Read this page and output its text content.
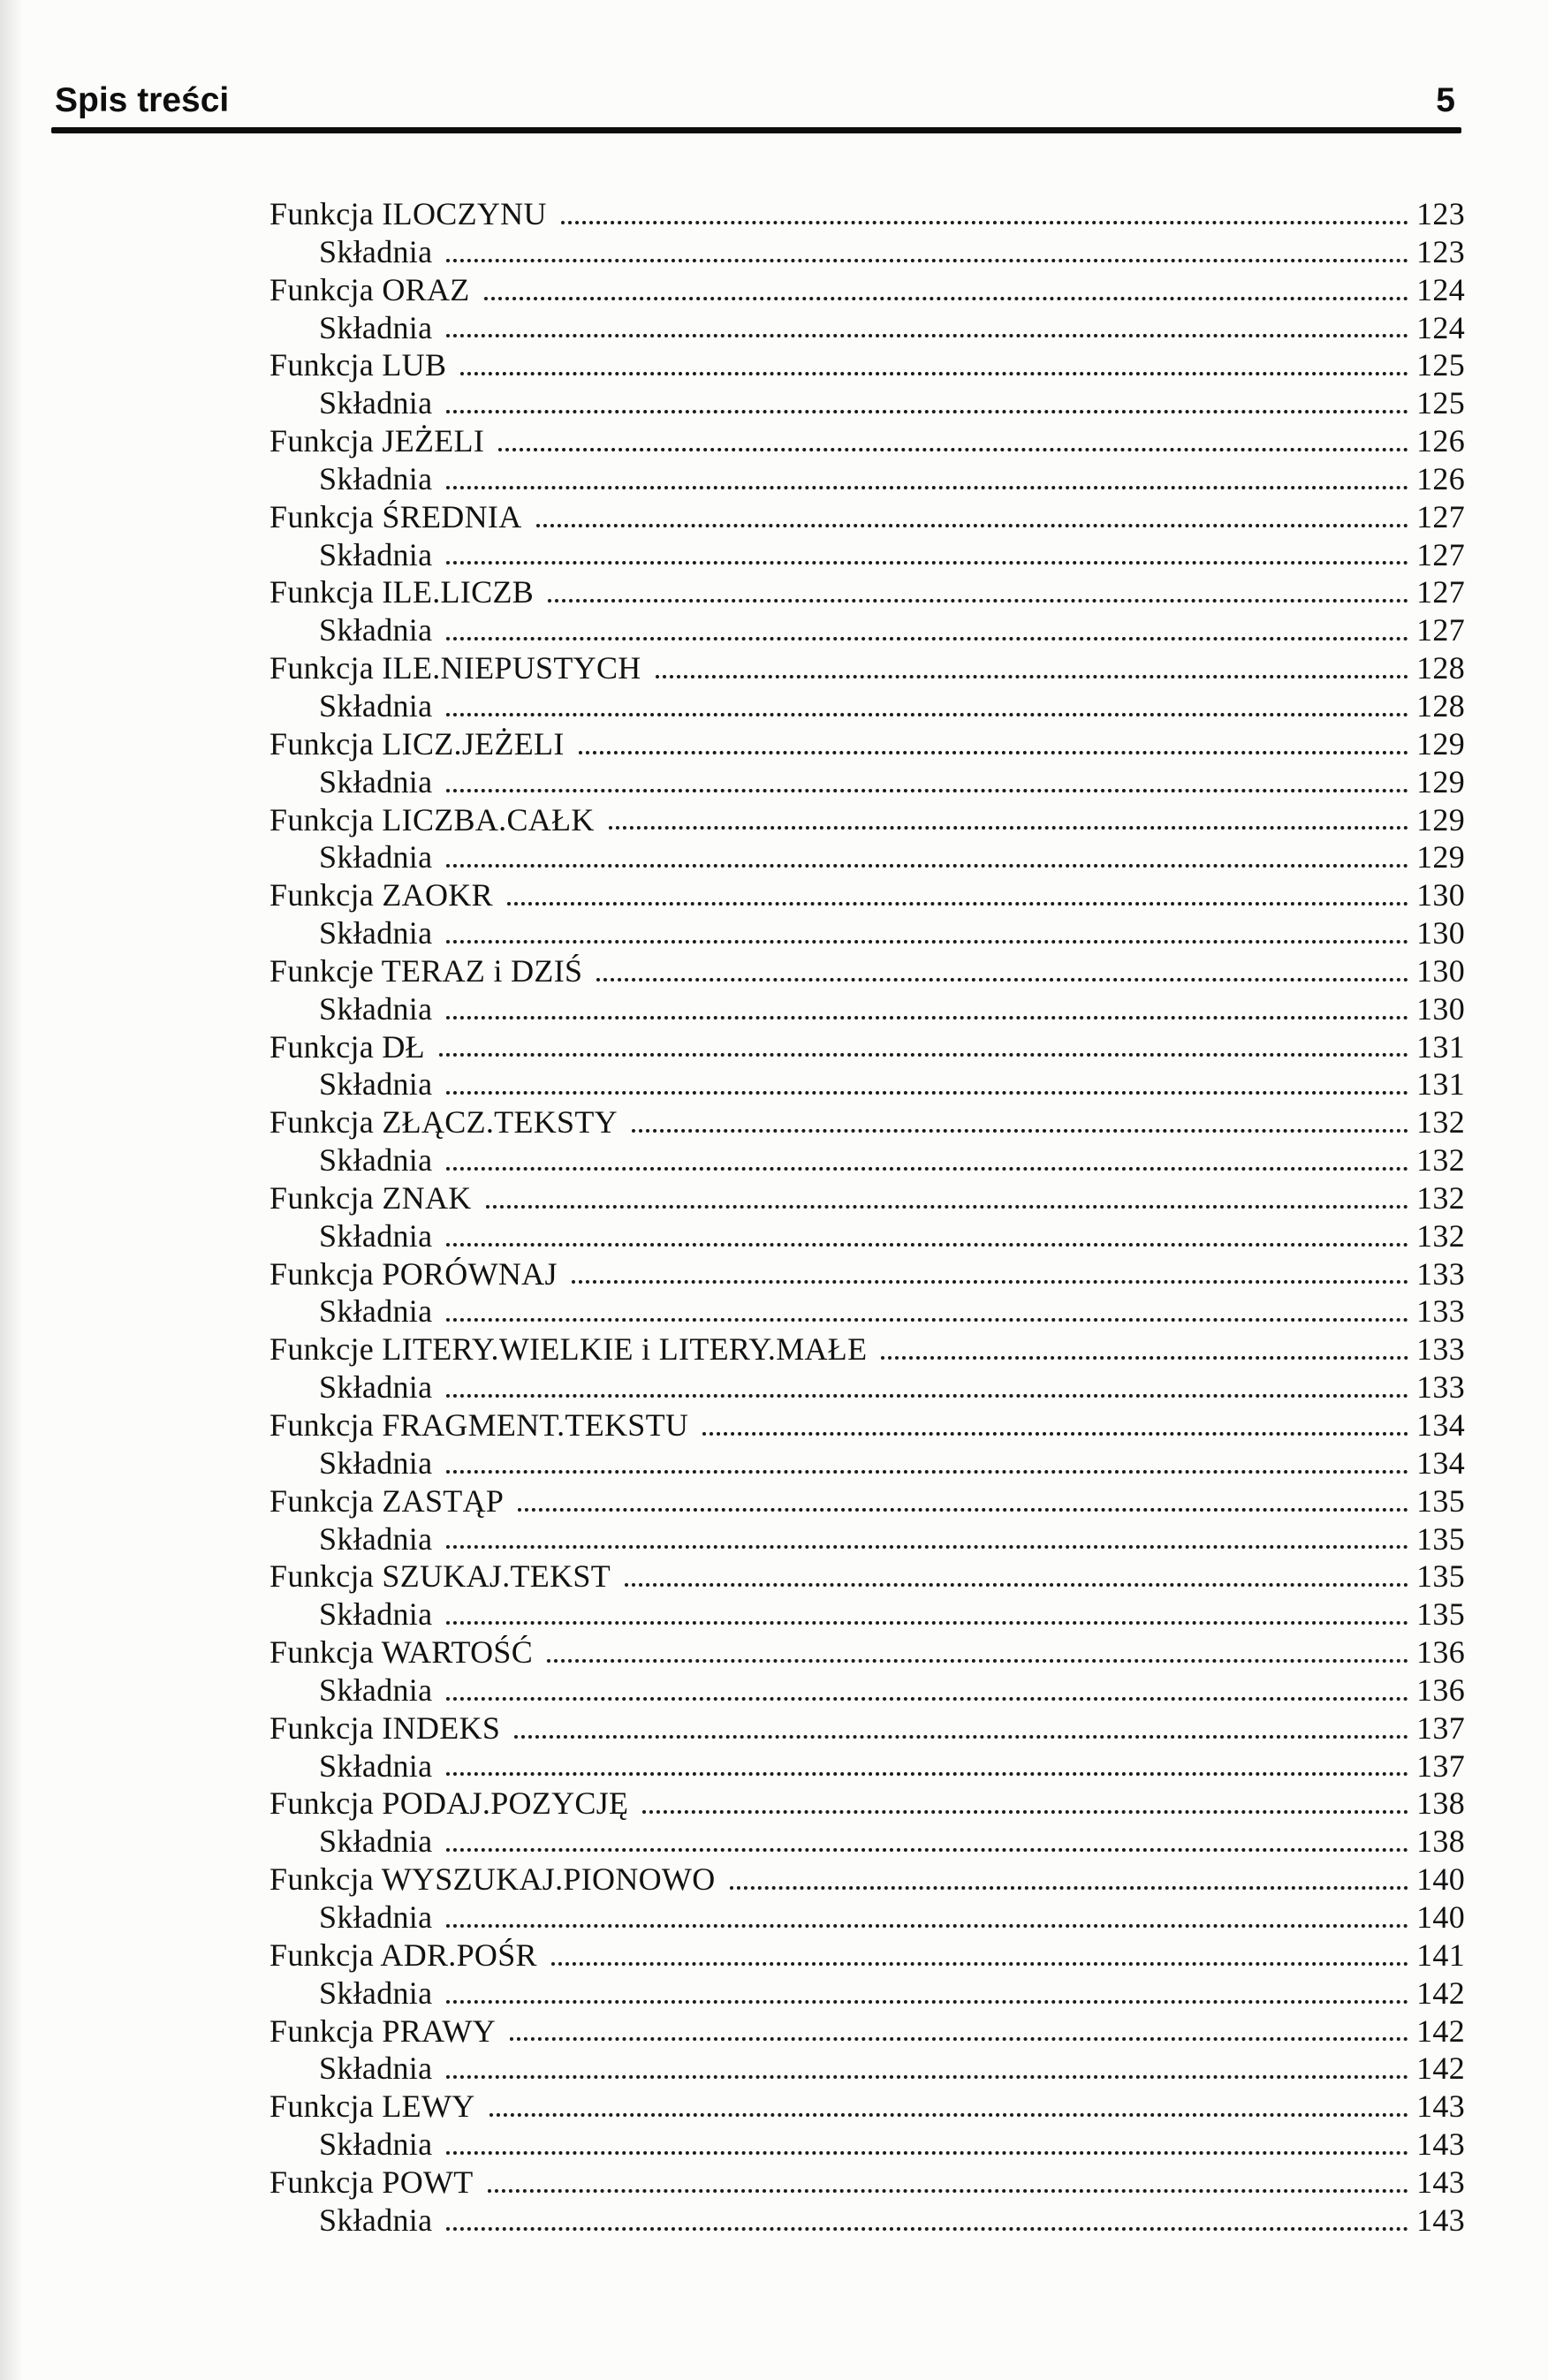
Spis treści	5
Funkcja ILOCZYNU	123
Składnia	123
Funkcja ORAZ	124
Składnia	124
Funkcja LUB	125
Składnia	125
Funkcja JEŻELI	126
Składnia	126
Funkcja ŚREDNIA	127
Składnia	127
Funkcja ILE.LICZB	127
Składnia	127
Funkcja ILE.NIEPUSTYCH	128
Składnia	128
Funkcja LICZ.JEŻELI	129
Składnia	129
Funkcja LICZBA.CAŁK	129
Składnia	129
Funkcja ZAOKR	130
Składnia	130
Funkcje TERAZ i DZIŚ	130
Składnia	130
Funkcja DŁ	131
Składnia	131
Funkcja ZŁĄCZ.TEKSTY	132
Składnia	132
Funkcja ZNAK	132
Składnia	132
Funkcja PORÓWNAJ	133
Składnia	133
Funkcje LITERY.WIELKIE i LITERY.MAŁE	133
Składnia	133
Funkcja FRAGMENT.TEKSTU	134
Składnia	134
Funkcja ZASTĄP	135
Składnia	135
Funkcja SZUKAJ.TEKST	135
Składnia	135
Funkcja WARTOŚĆ	136
Składnia	136
Funkcja INDEKS	137
Składnia	137
Funkcja PODAJ.POZYCJĘ	138
Składnia	138
Funkcja WYSZUKAJ.PIONOWO	140
Składnia	140
Funkcja ADR.POŚR	141
Składnia	142
Funkcja PRAWY	142
Składnia	142
Funkcja LEWY	143
Składnia	143
Funkcja POWT	143
Składnia	143
